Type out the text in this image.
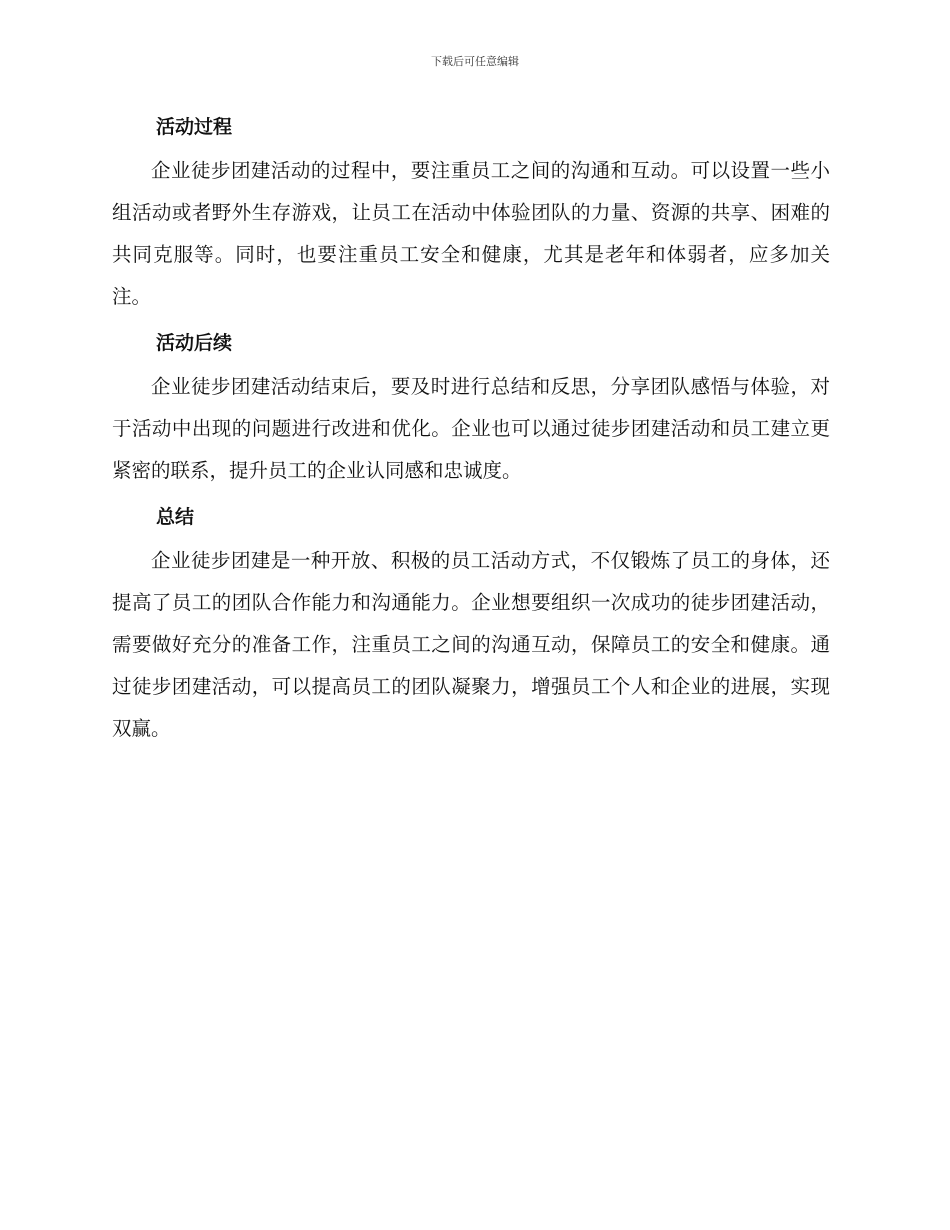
下载后可任意编辑
活动过程

企业徒步团建活动的过程中，要注重员工之间的沟通和互动。可以设置一些小组活动或者野外生存游戏，让员工在活动中体验团队的力量、资源的共享、困难的共同克服等。同时，也要注重员工安全和健康，尤其是老年和体弱者，应多加关注。

活动后续

企业徒步团建活动结束后，要及时进行总结和反思，分享团队感悟与体验，对于活动中出现的问题进行改进和优化。企业也可以通过徒步团建活动和员工建立更紧密的联系，提升员工的企业认同感和忠诚度。

总结

企业徒步团建是一种开放、积极的员工活动方式，不仅锻炼了员工的身体，还提高了员工的团队合作能力和沟通能力。企业想要组织一次成功的徒步团建活动，需要做好充分的准备工作，注重员工之间的沟通互动，保障员工的安全和健康。通过徒步团建活动，可以提高员工的团队凝聚力，增强员工个人和企业的进展，实现双赢。
